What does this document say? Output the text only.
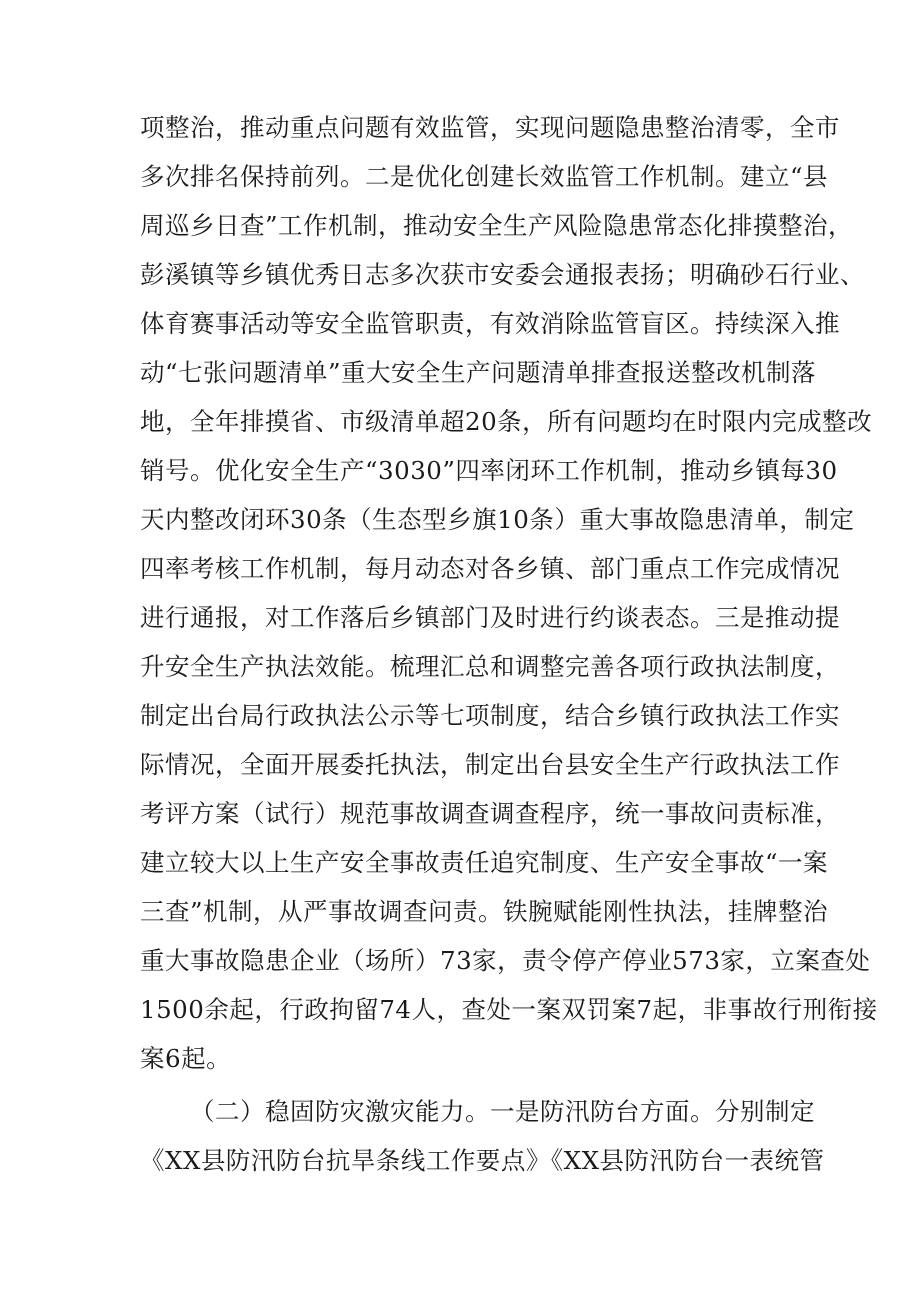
项整治，推动重点问题有效监管，实现问题隐患整治清零，全市
多次排名保持前列。二是优化创建长效监管工作机制。建立“县
周巡乡日查”工作机制，推动安全生产风险隐患常态化排摸整治，
彭溪镇等乡镇优秀日志多次获市安委会通报表扬；明确砂石行业、
体育赛事活动等安全监管职责，有效消除监管盲区。持续深入推
动“七张问题清单”重大安全生产问题清单排查报送整改机制落
地，全年排摸省、市级清单超20条，所有问题均在时限内完成整改
销号。优化安全生产“3030”四率闭环工作机制，推动乡镇每30
天内整改闭环30条（生态型乡旗10条）重大事故隐患清单，制定
四率考核工作机制，每月动态对各乡镇、部门重点工作完成情况
进行通报，对工作落后乡镇部门及时进行约谈表态。三是推动提
升安全生产执法效能。梳理汇总和调整完善各项行政执法制度，
制定出台局行政执法公示等七项制度，结合乡镇行政执法工作实
际情况，全面开展委托执法，制定出台县安全生产行政执法工作
考评方案（试行）规范事故调查调查程序，统一事故问责标准，
建立较大以上生产安全事故责任追究制度、生产安全事故“一案
三查”机制，从严事故调查问责。铁腕赋能刚性执法，挂牌整治
重大事故隐患企业（场所）73家，责令停产停业573家，立案查处
1500余起，行政拘留74人，查处一案双罚案7起，非事故行刑衔接
案6起。
（二）稳固防灾激灾能力。一是防汛防台方面。分别制定
《XX县防汛防台抗旱条线工作要点》《XX县防汛防台一表统管
